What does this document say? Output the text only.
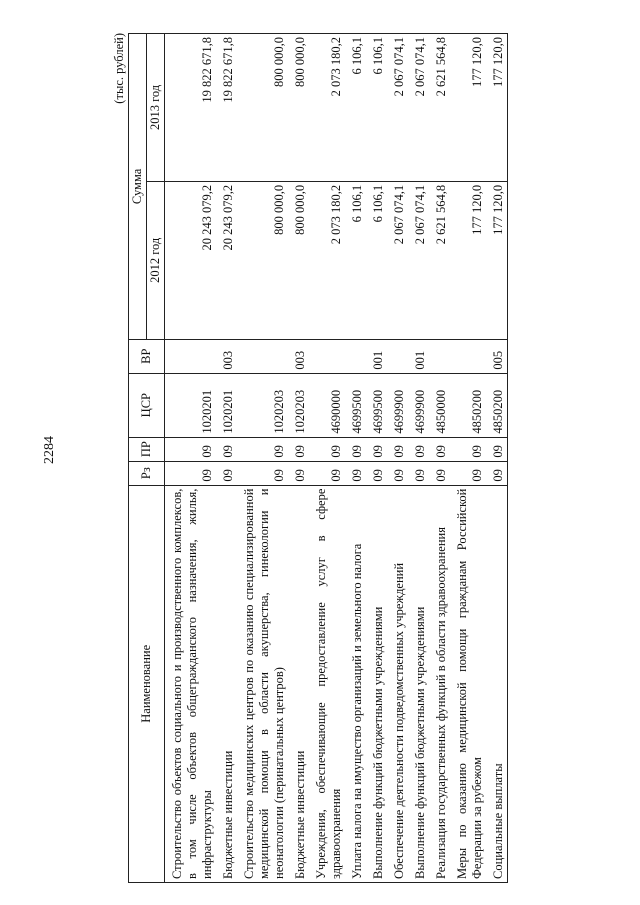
2284
(тыс. рублей)
Наименование	Рз	ПР	ЦСР	ВР	Сумма	
					2012 год	2013 год
Строительство объектов социального и производственного комплексов, в том числе объектов общегражданского назначения, жилья, инфраструктуры	09	09	1020201		20 243 079,2	19 822 671,8
Бюджетные инвестиции	09	09	1020201	003	20 243 079,2	19 822 671,8
Строительство медицинских центров по оказанию специализированной медицинской помощи в области акушерства, гинекологии и неонатологии (перинатальных центров)	09	09	1020203		800 000,0	800 000,0
Бюджетные инвестиции	09	09	1020203	003	800 000,0	800 000,0
Учреждения, обеспечивающие предоставление услуг в сфере здравоохранения	09	09	4690000		2 073 180,2	2 073 180,2
Уплата налога на имущество организаций и земельного налога	09	09	4699500		6 106,1	6 106,1
Выполнение функций бюджетными учреждениями	09	09	4699500	001	6 106,1	6 106,1
Обеспечение деятельности подведомственных учреждений	09	09	4699900		2 067 074,1	2 067 074,1
Выполнение функций бюджетными учреждениями	09	09	4699900	001	2 067 074,1	2 067 074,1
Реализация государственных функций в области здравоохранения	09	09	4850000		2 621 564,8	2 621 564,8
Меры по оказанию медицинской помощи гражданам Российской Федерации за рубежом	09	09	4850200		177 120,0	177 120,0
Социальные выплаты	09	09	4850200	005	177 120,0	177 120,0
